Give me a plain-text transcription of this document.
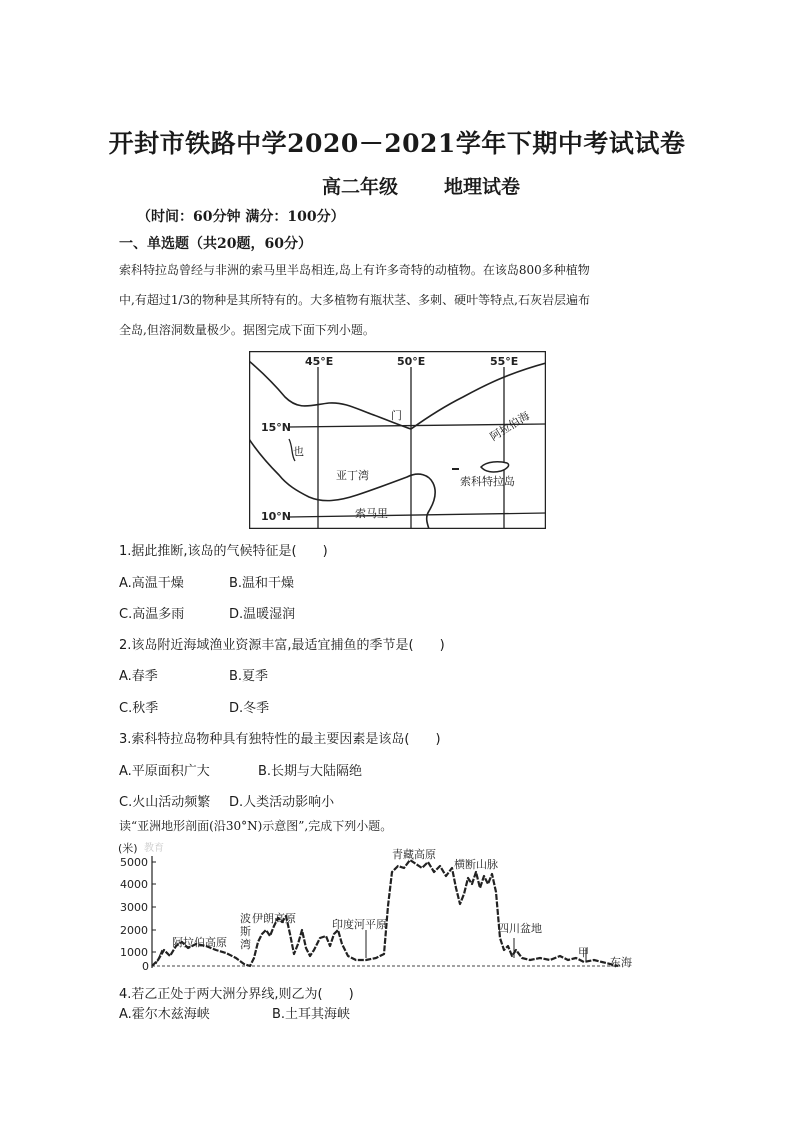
开封市铁路中学2020－2021学年下期中考试试卷
高二年级 地理试卷
（时间：60分钟 满分：100分）
一、单选题（共20题，60分）
索科特拉岛曾经与非洲的索马里半岛相连,岛上有许多奇特的动植物。在该岛800多种植物
中,有超过1/3的物种是其所特有的。大多植物有瓶状茎、多刺、硬叶等特点,石灰岩层遍布
全岛,但溶洞数量极少。据图完成下面下列小题。
45°E	50°E	55°E
15°N
10°N
门
也
亚丁湾
阿拉伯海
索科特拉岛
索马里
1.据此推断,该岛的气候特征是(　　)
A.高温干燥	B.温和干燥
C.高温多雨	D.温暖湿润
2.该岛附近海域渔业资源丰富,最适宜捕鱼的季节是(　　)
A.春季	B.夏季
C.秋季	D.冬季
3.索科特拉岛物种具有独特性的最主要因素是该岛(　　)
A.平原面积广大	B.长期与大陆隔绝
C.火山活动频繁 D.人类活动影响小
读“亚洲地形剖面(沿30°N)示意图”,完成下列小题。
(米) 教育
5000
4000
3000
2000
1000
0
阿拉伯高原
波
斯
湾
伊朗高原	印度河平原
青藏高原
横断山脉
四川盆地
甲
东海
4.若乙正处于两大洲分界线,则乙为(　　)
A.霍尔木兹海峡	B.土耳其海峡
